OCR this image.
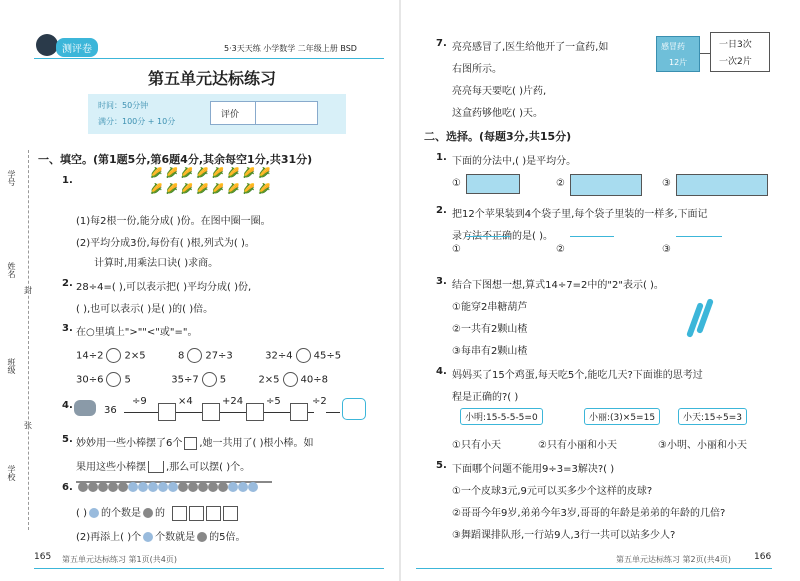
测评卷	5·3天天练 小学数学 二年级上册 BSD
第五单元达标练习
时间：50分钟
满分：100分 + 10分
评价
学号
姓名
封
班级
张
学校
一、填空。(第1题5分,第6题4分,其余每空1分,共31分)
1.
🌽🌽🌽🌽🌽🌽🌽🌽
🌽🌽🌽🌽🌽🌽🌽🌽
(1)每2根一份,能分成( )份。在图中圈一圈。
(2)平均分成3份,每份有( )根,列式为( )。
计算时,用乘法口诀( )求商。
2. 28÷4=( ),可以表示把( )平均分成( )份,
( ),也可以表示( )是( )的( )倍。
3. 在○里填上">""<"或"="。
14÷2 2×5	8 27÷3	32÷4 45÷5
30÷6 5	35÷7 5	2×5 40÷8
4.	36
÷9	×4	+24 ÷5	÷2
5. 妙妙用一些小棒摆了6个 ,她一共用了( )根小棒。如
果用这些小棒摆 ,那么可以摆( )个。
6.
( ) 的个数是 的
(2)再添上( )个 个数就是 的5倍。
165 第五单元达标练习 第1页(共4页)
7. 亮亮感冒了,医生给他开了一盒药,如
右图所示。
亮亮每天要吃( )片药,
这盒药够他吃( )天。
感冒药
12片
一日3次
一次2片
二、选择。(每题3分,共15分)
1. 下面的分法中,( )是平均分。
①	②	③
2. 把12个苹果装到4个袋子里,每个袋子里装的一样多,下面记
录方法不正确的是( )。
①	②	③
3. 结合下图想一想,算式14÷7=2中的"2"表示( )。
①能穿2串糖葫芦
②一共有2颗山楂
③每串有2颗山楂
4. 妈妈买了15个鸡蛋,每天吃5个,能吃几天?下面谁的思考过
程是正确的?( )
小明:15-5-5-5=0	小丽:(3)×5=15	小天:15÷5=3
①只有小天	②只有小丽和小天	③小明、小丽和小天
5. 下面哪个问题不能用9÷3=3解决?( )
①一个皮球3元,9元可以买多少个这样的皮球?
②哥哥今年9岁,弟弟今年3岁,哥哥的年龄是弟弟的年龄的几倍?
③舞蹈课排队形,一行站9人,3行一共可以站多少人?
第五单元达标练习 第2页(共4页)	166
